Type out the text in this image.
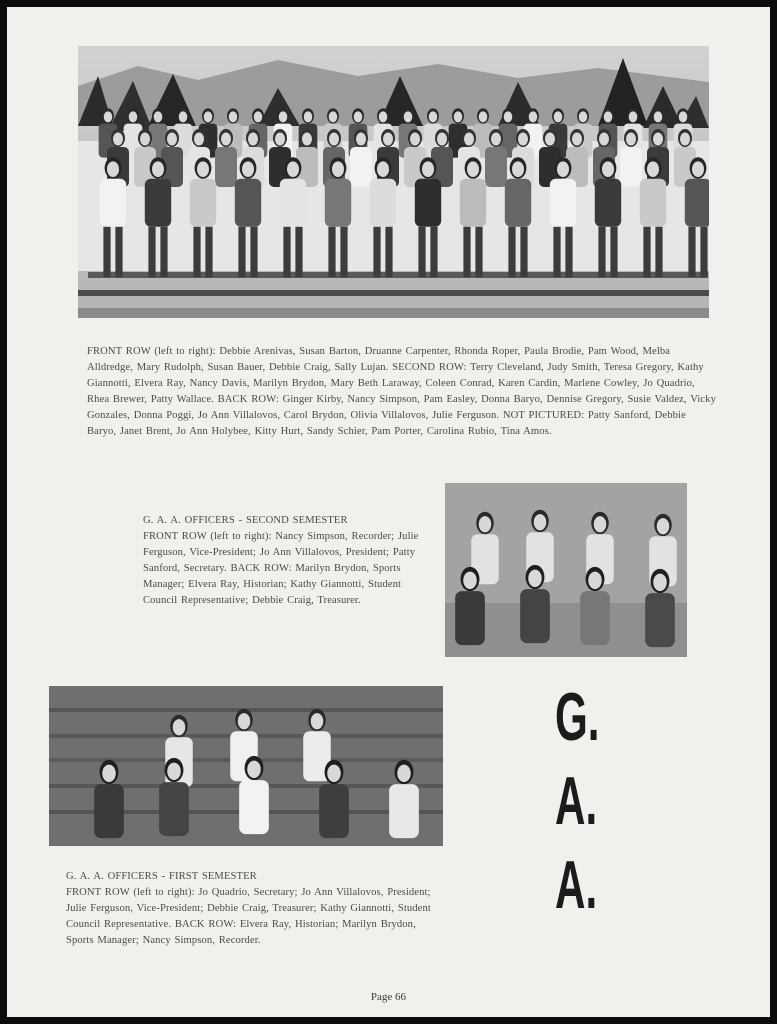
FRONT ROW (left to right): Debbie Arenivas, Susan Barton, Druanne Carpenter, Rhonda Roper, Paula Brodie, Pam Wood, Melba Alldredge, Mary Rudolph, Susan Bauer, Debbie Craig, Sally Lujan. SECOND ROW: Terry Cleveland, Judy Smith, Teresa Gregory, Kathy Giannotti, Elvera Ray, Nancy Davis, Marilyn Brydon, Mary Beth Laraway, Coleen Conrad, Karen Cardin, Marlene Cowley, Jo Quadrio, Rhea Brewer, Patty Wallace. BACK ROW: Ginger Kirby, Nancy Simpson, Pam Easley, Donna Baryo, Dennise Gregory, Susie Valdez, Vicky Gonzales, Donna Poggi, Jo Ann Villalovos, Carol Brydon, Olivia Villalovos, Julie Ferguson. NOT PICTURED: Patty Sanford, Debbie Baryo, Janet Brent, Jo Ann Holybee, Kitty Hurt, Sandy Schier, Pam Porter, Carolina Rubio, Tina Amos.

G. A. A. OFFICERS - SECOND SEMESTER

FRONT ROW (left to right): Nancy Simpson, Recorder; Julie Ferguson, Vice-President; Jo Ann Villalovos, President; Patty Sanford, Secretary. BACK ROW: Marilyn Brydon, Sports Manager; Elvera Ray, Historian; Kathy Giannotti, Student Council Representative; Debbie Craig, Treasurer.

G. A. A. OFFICERS - FIRST SEMESTER

FRONT ROW (left to right): Jo Quadrio, Secretary; Jo Ann Villalovos, President; Julie Ferguson, Vice-President; Debbie Craig, Treasurer; Kathy Giannotti, Student Council Representative. BACK ROW: Elvera Ray, Historian; Marilyn Brydon, Sports Manager; Nancy Simpson, Recorder.

G.
A.
A.
Page 66
